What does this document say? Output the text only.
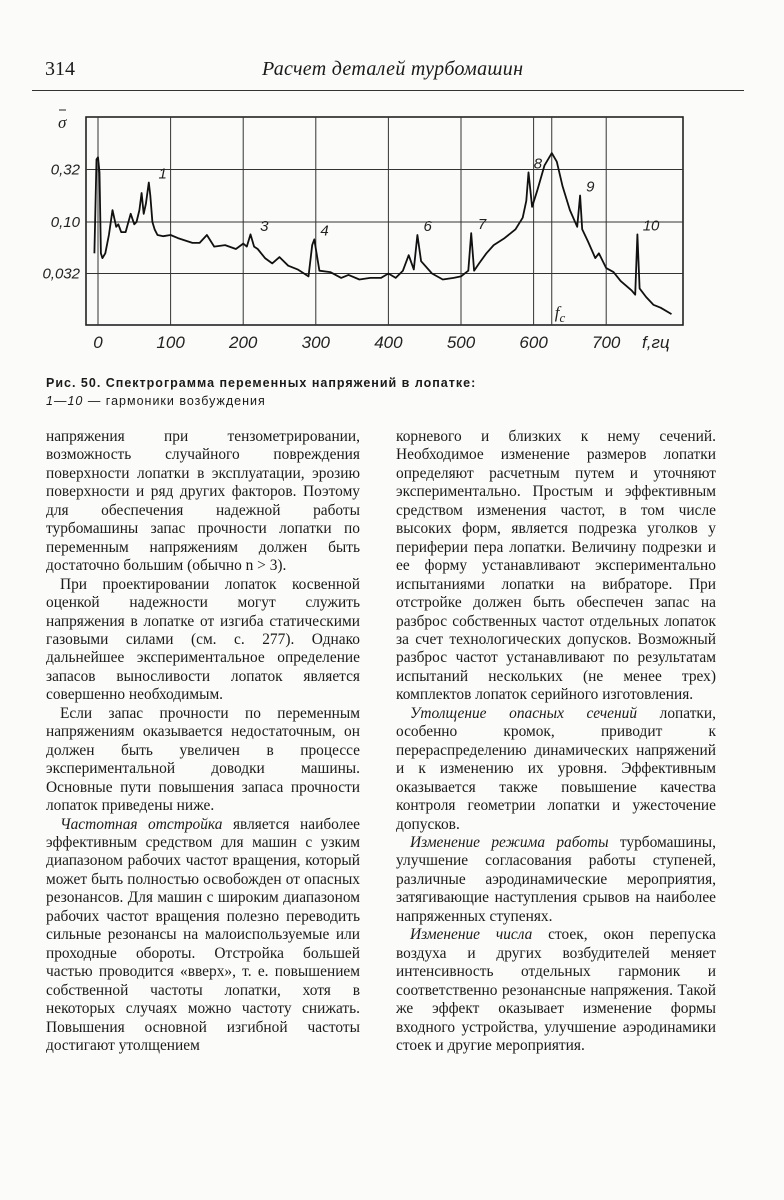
314	Расчет деталей турбомашин
0	100	200	300	400	500	600	700
$f_c$
0,032
0,10
0,32
σ
f,гц
1
3	4	6	7
8
9
10
Рис. 50. Спектрограмма переменных напряжений в лопатке:
1—10 — гармоники возбуждения

напряжения при тензометрировании, возможность случайного повреждения поверхности лопатки в эксплуатации, эрозию поверхности и ряд других факторов. Поэтому для обеспечения надежной работы турбомашины запас прочности лопатки по переменным напряжениям должен быть достаточно большим (обычно n > 3).

При проектировании лопаток косвенной оценкой надежности могут служить напряжения в лопатке от изгиба статическими газовыми силами (см. с. 277). Однако дальнейшее экспериментальное определение запасов выносливости лопаток является совершенно необходимым.

Если запас прочности по переменным напряжениям оказывается недостаточным, он должен быть увеличен в процессе экспериментальной доводки машины. Основные пути повышения запаса прочности лопаток приведены ниже.

Частотная отстройка является наиболее эффективным средством для машин с узким диапазоном рабочих частот вращения, который может быть полностью освобожден от опасных резонансов. Для машин с широким диапазоном рабочих частот вращения полезно переводить сильные резонансы на малоиспользуемые или проходные обороты. Отстройка большей частью проводится «вверх», т. е. повышением собственной частоты лопатки, хотя в некоторых случаях можно частоту снижать. Повышения основной изгибной частоты достигают утолщением

корневого и близких к нему сечений. Необходимое изменение размеров лопатки определяют расчетным путем и уточняют экспериментально. Простым и эффективным средством изменения частот, в том числе высоких форм, является подрезка уголков у периферии пера лопатки. Величину подрезки и ее форму устанавливают экспериментально испытаниями лопатки на вибраторе. При отстройке должен быть обеспечен запас на разброс собственных частот отдельных лопаток за счет технологических допусков. Возможный разброс частот устанавливают по результатам испытаний нескольких (не менее трех) комплектов лопаток серийного изготовления.

Утолщение опасных сечений лопатки, особенно кромок, приводит к перераспределению динамических напряжений и к изменению их уровня. Эффективным оказывается также повышение качества контроля геометрии лопатки и ужесточение допусков.

Изменение режима работы турбомашины, улучшение согласования работы ступеней, различные аэродинамические мероприятия, затягивающие наступления срывов на наиболее напряженных ступенях.

Изменение числа стоек, окон перепуска воздуха и других возбудителей меняет интенсивность отдельных гармоник и соответственно резонансные напряжения. Такой же эффект оказывает изменение формы входного устройства, улучшение аэродинамики стоек и другие мероприятия.
